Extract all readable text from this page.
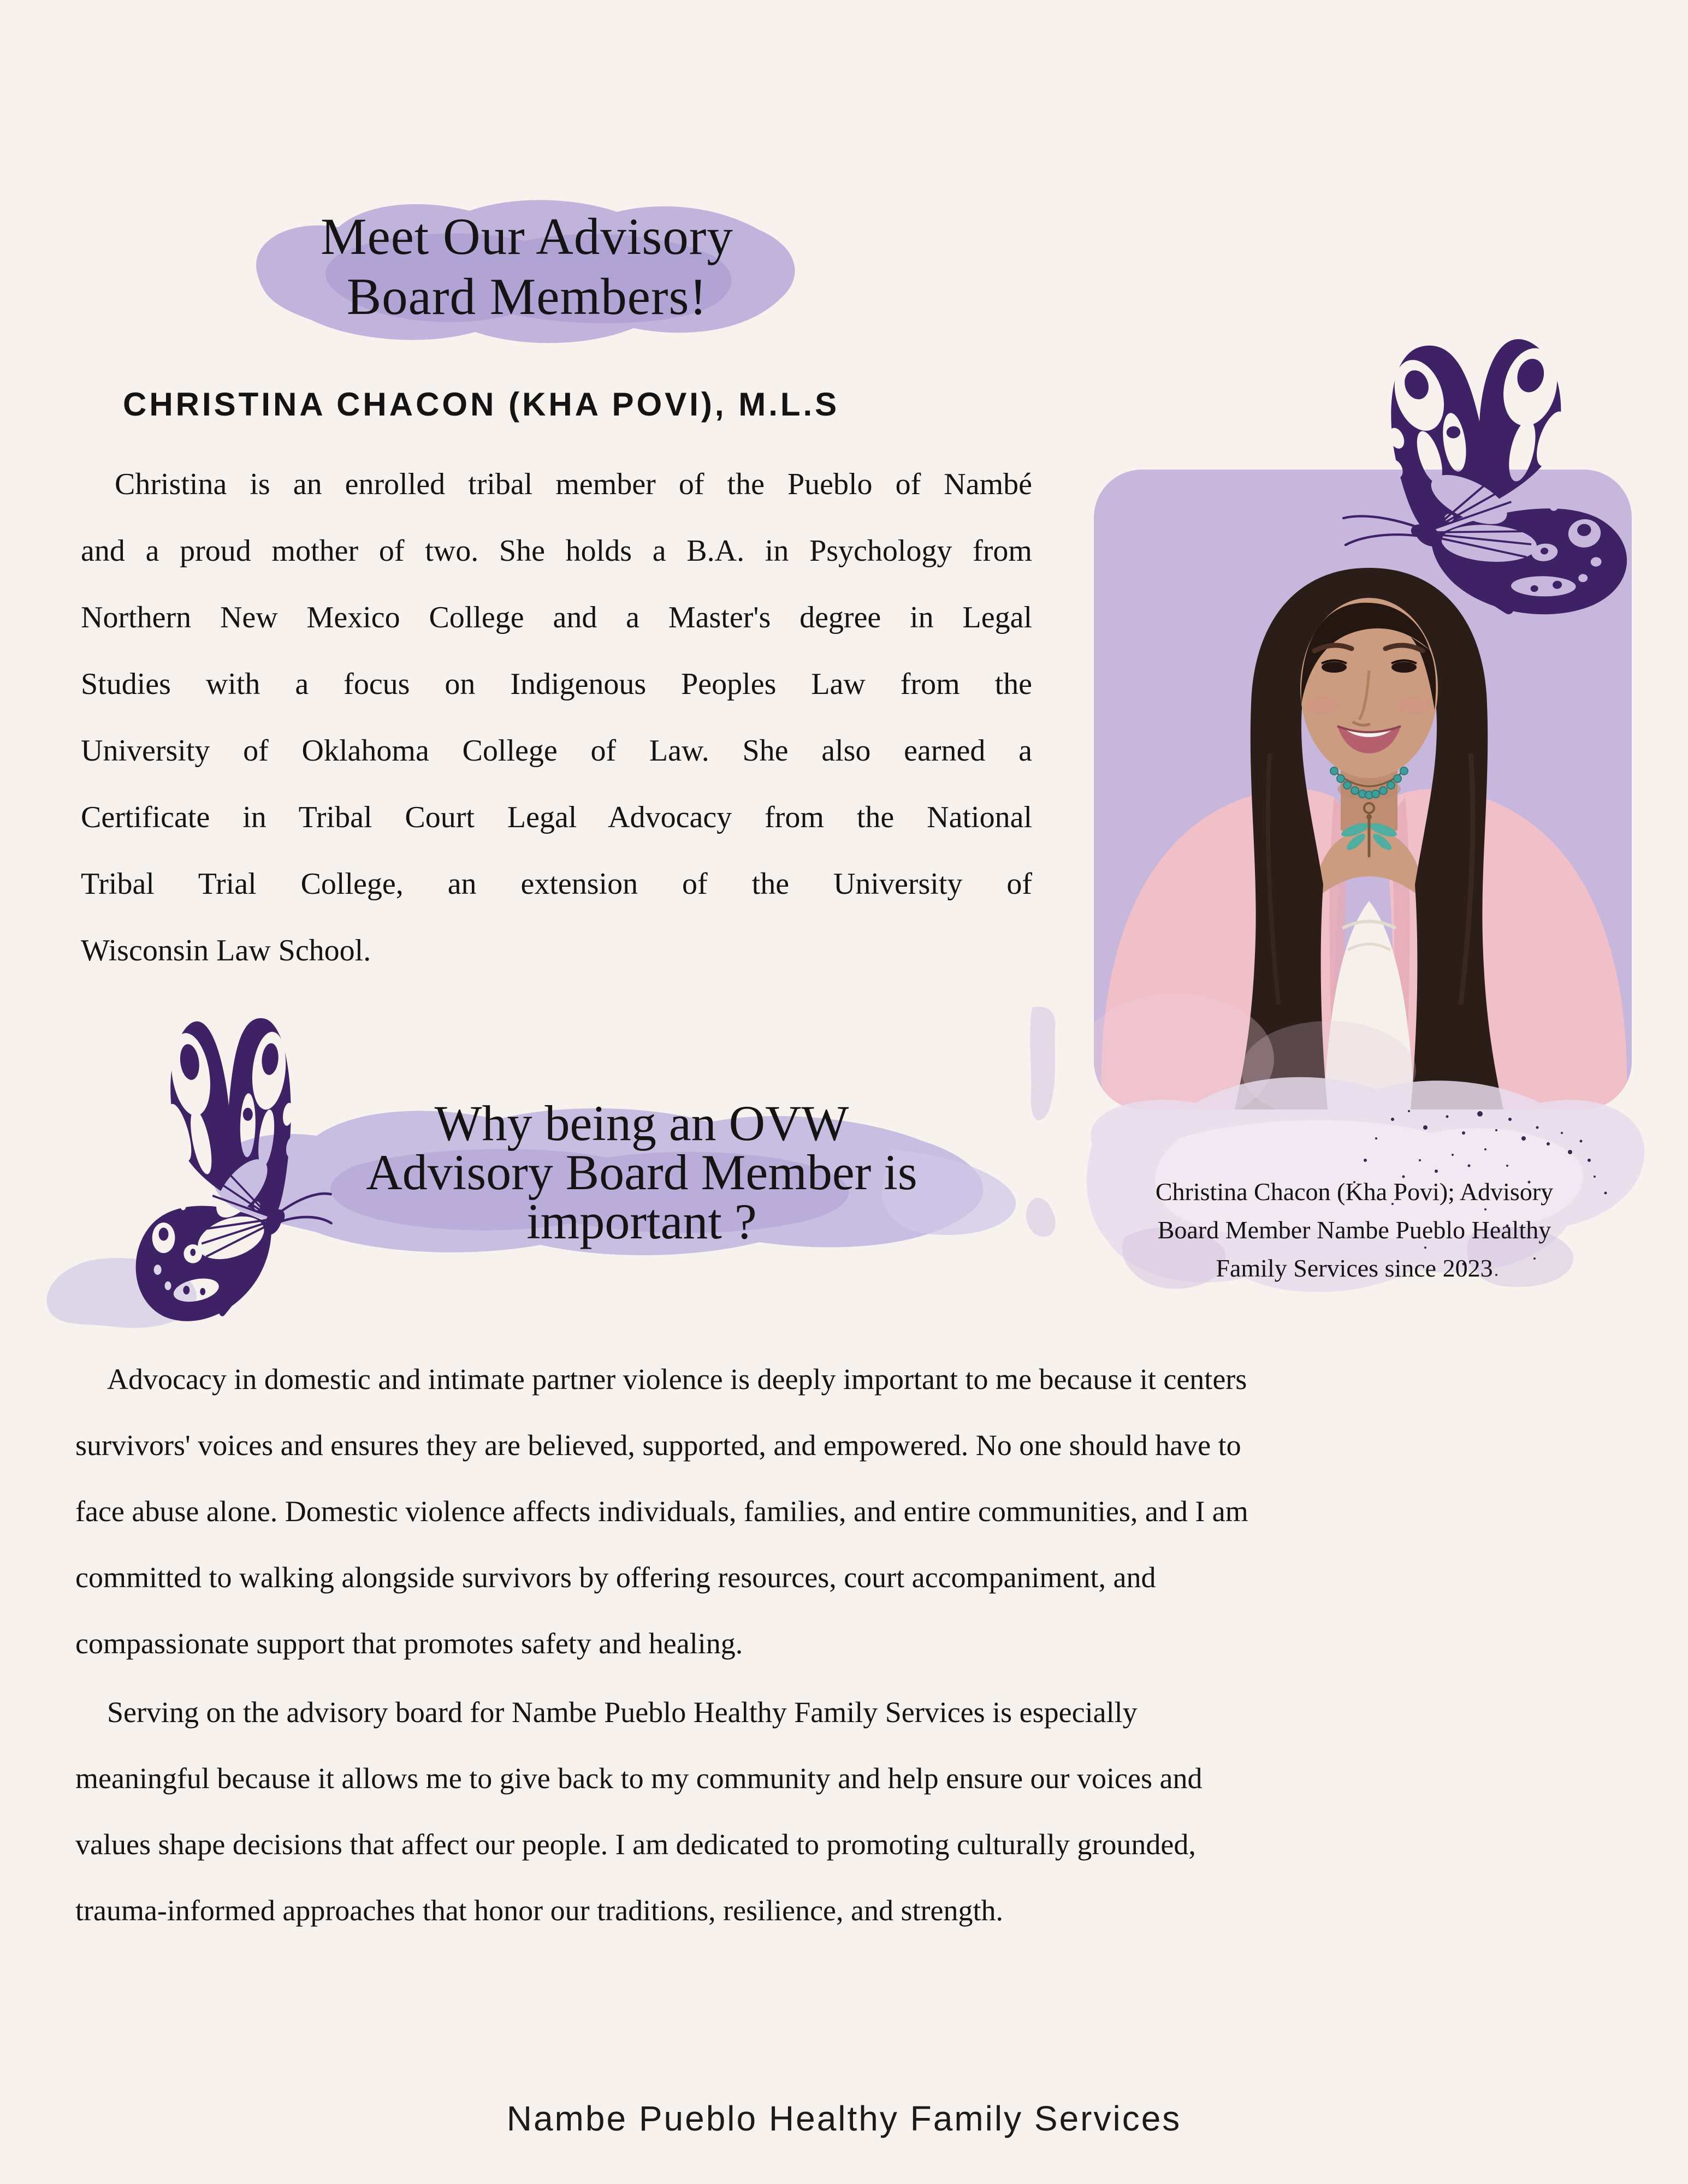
Meet Our Advisory
Board Members!
CHRISTINA CHACON (KHA POVI), M.L.S
Christina is an enrolled tribal member of the Pueblo of Nambé
and a proud mother of two. She holds a B.A. in Psychology from
Northern New Mexico College and a Master's degree in Legal
Studies with a focus on Indigenous Peoples Law from the
University of Oklahoma College of Law. She also earned a
Certificate in Tribal Court Legal Advocacy from the National
Tribal Trial College, an extension of the University of
Wisconsin Law School.
Why being an OVW
Advisory Board Member is
important ?
Christina Chacon (Kha Povi); Advisory
Board Member Nambe Pueblo Healthy
Family Services since 2023
Advocacy in domestic and intimate partner violence is deeply important to me because it centers
survivors' voices and ensures they are believed, supported, and empowered. No one should have to
face abuse alone. Domestic violence affects individuals, families, and entire communities, and I am
committed to walking alongside survivors by offering resources, court accompaniment, and
compassionate support that promotes safety and healing.
Serving on the advisory board for Nambe Pueblo Healthy Family Services is especially
meaningful because it allows me to give back to my community and help ensure our voices and
values shape decisions that affect our people. I am dedicated to promoting culturally grounded,
trauma-informed approaches that honor our traditions, resilience, and strength.
Nambe Pueblo Healthy Family Services
